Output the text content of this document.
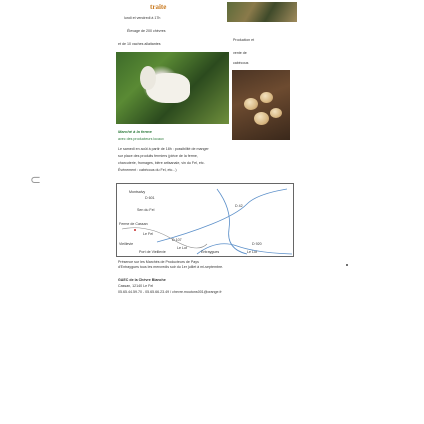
traite
lundi et vendredi à 17h
Élevage de 200 chèvres
et de 10 vaches allaitantes
Production et
vente de
cabécous
Marché à la ferme
avec des producteurs locaux
Le samedi en août à partir de 18h : possibilité de manger
sur place des produits fermiers (pièce de la ferme,
charcuterie, fromages, bière artisanale, vin du Fel, etc.
Évènement : cabécous du Fel, etc...)
Montsalvy
D 601
Sen du Fel
Ferme de Cassan
Le Fel
Vieillevie
Port de Vieillevie	Entraygues
D 920
D 107
Le Lot
Le Lot
D 42
Présence sur les Marchés de Producteurs de Pays
d'Entraygues tous les mercredis soir du 1er juillet à mi-septembre.
GAEC de la Chèvre Blanche
Cassan, 12140 Le Fel
05.65.44.59.70 - 05.65.66.23.49 / chevre.moutons001@orange.fr
⊂
